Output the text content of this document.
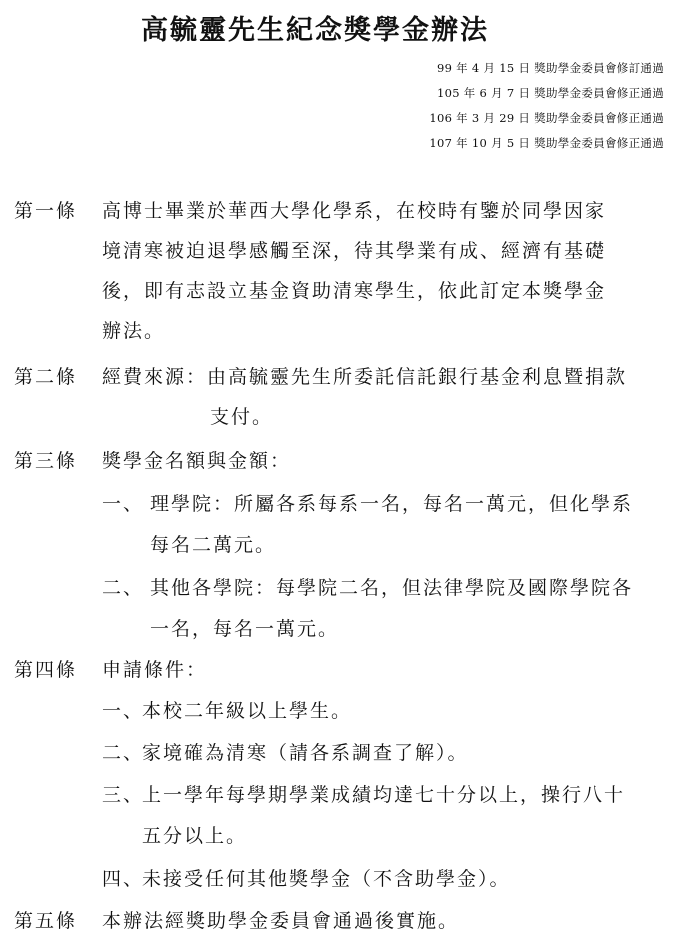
高毓靈先生紀念獎學金辦法
99 年 4 月 15 日 獎助學金委員會修訂通過
105 年 6 月 7 日 獎助學金委員會修正通過
106 年 3 月 29 日 獎助學金委員會修正通過
107 年 10 月 5 日 獎助學金委員會修正通過
第一條 高博士畢業於華西大學化學系，在校時有鑒於同學因家
境清寒被迫退學感觸至深，待其學業有成、經濟有基礎
後，即有志設立基金資助清寒學生，依此訂定本獎學金
辦法。
第二條 經費來源：由高毓靈先生所委託信託銀行基金利息暨捐款
支付。
第三條 獎學金名額與金額：
一、 理學院：所屬各系每系一名，每名一萬元，但化學系
每名二萬元。
二、 其他各學院：每學院二名，但法律學院及國際學院各
一名，每名一萬元。
第四條 申請條件：
一、
本校二年級以上學生。
二、
家境確為清寒（請各系調查了解）。
三、
上一學年每學期學業成績均達七十分以上，操行八十
五分以上。
四、
未接受任何其他獎學金（不含助學金）。
第五條 本辦法經獎助學金委員會通過後實施。
